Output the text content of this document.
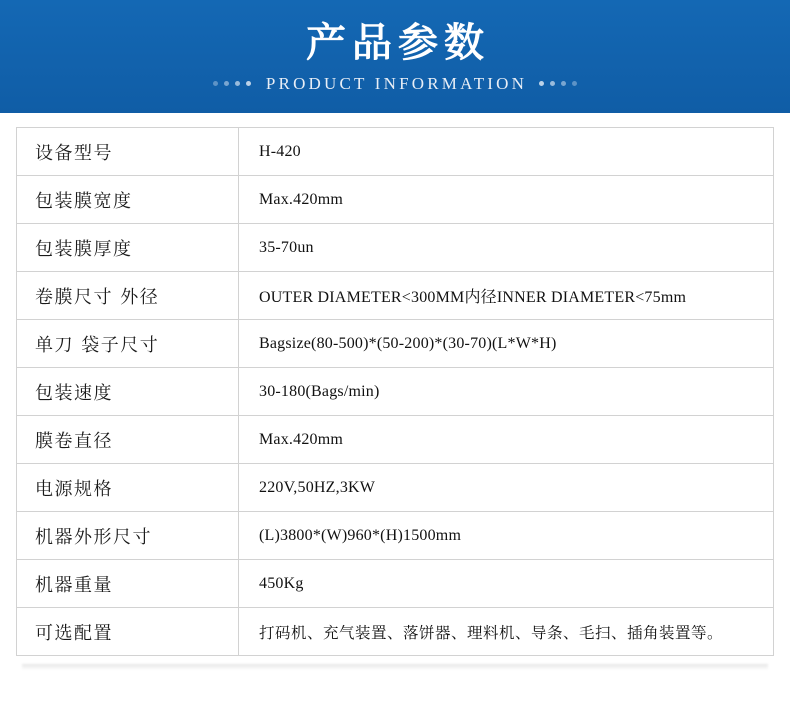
产品参数
PRODUCT INFORMATION
设备型号	H-420
包装膜宽度	Max.420mm
包装膜厚度	35-70un
卷膜尺寸 外径	OUTER DIAMETER<300MM内径INNER DIAMETER<75mm
单刀 袋子尺寸	Bagsize(80-500)*(50-200)*(30-70)(L*W*H)
包装速度	30-180(Bags/min)
膜卷直径	Max.420mm
电源规格	220V,50HZ,3KW
机器外形尺寸	(L)3800*(W)960*(H)1500mm
机器重量	450Kg
可选配置	打码机、充气装置、落饼器、理料机、导条、毛扫、插角装置等。
